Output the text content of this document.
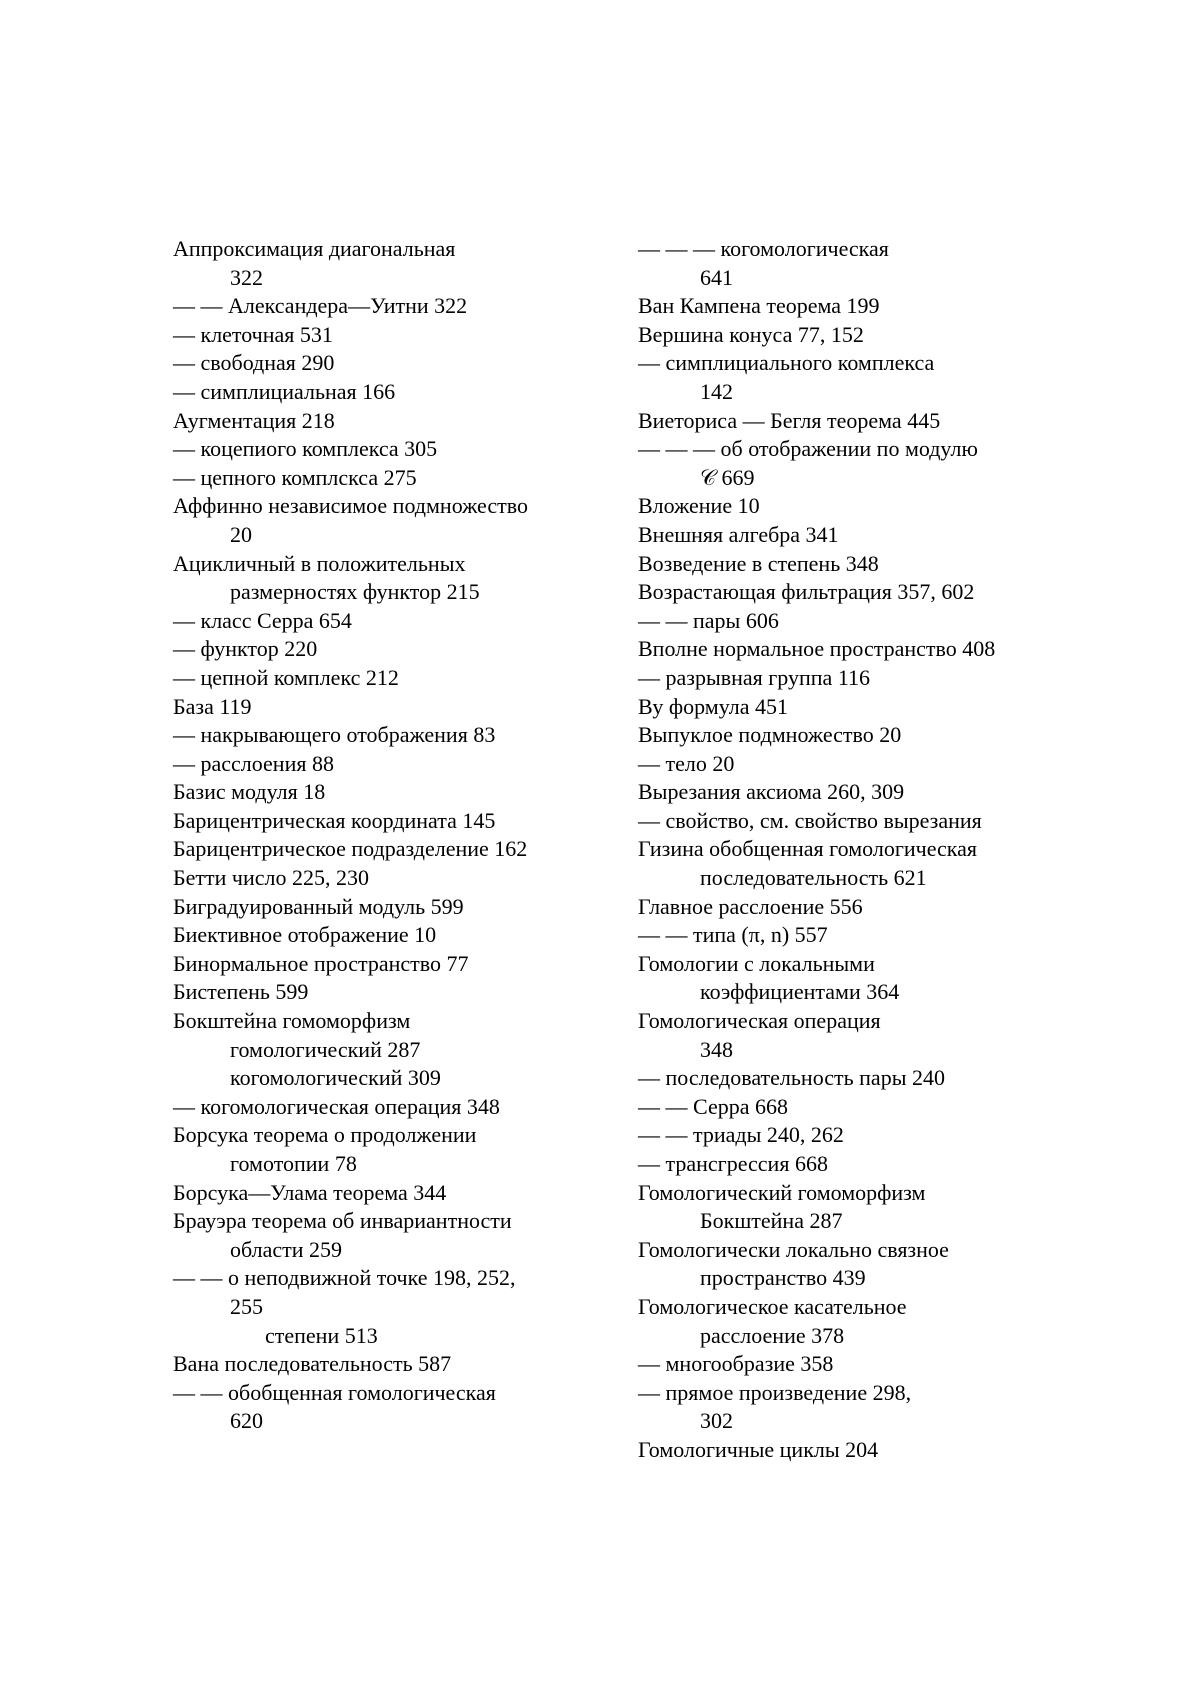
Аппроксимация диагональная

322

— — Александера—Уитни 322

— клеточная 531

— свободная 290

— симплициальная 166

Аугментация 218

— коцепиого комплекса 305

— цепного комплскса 275

Аффинно независимое подмножество

20

Ацикличный в положительных

размерностях функтор 215

— класс Серра 654

— функтор 220

— цепной комплекс 212

База 119

— накрывающего отображения 83

— расслоения 88

Базис модуля 18

Барицентрическая координата 145

Барицентрическое подразделение 162

Бетти число 225, 230

Биградуированный модуль 599

Биективное отображение 10

Бинормальное пространство 77

Бистепень 599

Бокштейна гомоморфизм

гомологический 287

когомологический 309

— когомологическая операция 348

Борсука теорема о продолжении

гомотопии 78

Борсука—Улама теорема 344

Брауэра теорема об инвариантности

области 259

— — о неподвижной точке 198, 252,

255

степени 513

Вана последовательность 587

— — обобщенная гомологическая

620

— — — когомологическая

641

Ван Кампена теорема 199

Вершина конуса 77, 152

— симплициального комплекса

142

Виеториса — Бегля теорема 445

— — — об отображении по модулю

𝒞 669

Вложение 10

Внешняя алгебра 341

Возведение в степень 348

Возрастающая фильтрация 357, 602

— — пары 606

Вполне нормальное пространство 408

— разрывная группа 116

Ву формула 451

Выпуклое подмножество 20

— тело 20

Вырезания аксиома 260, 309

— свойство, см. свойство вырезания

Гизина обобщенная гомологическая

последовательность 621

Главное расслоение 556

— — типа (π, n) 557

Гомологии с локальными

коэффициентами 364

Гомологическая операция

348

— последовательность пары 240

— — Серра 668

— — триады 240, 262

— трансгрессия 668

Гомологический гомоморфизм

Бокштейна 287

Гомологически локально связное

пространство 439

Гомологическое касательное

расслоение 378

— многообразие 358

— прямое произведение 298,

302

Гомологичные циклы 204
